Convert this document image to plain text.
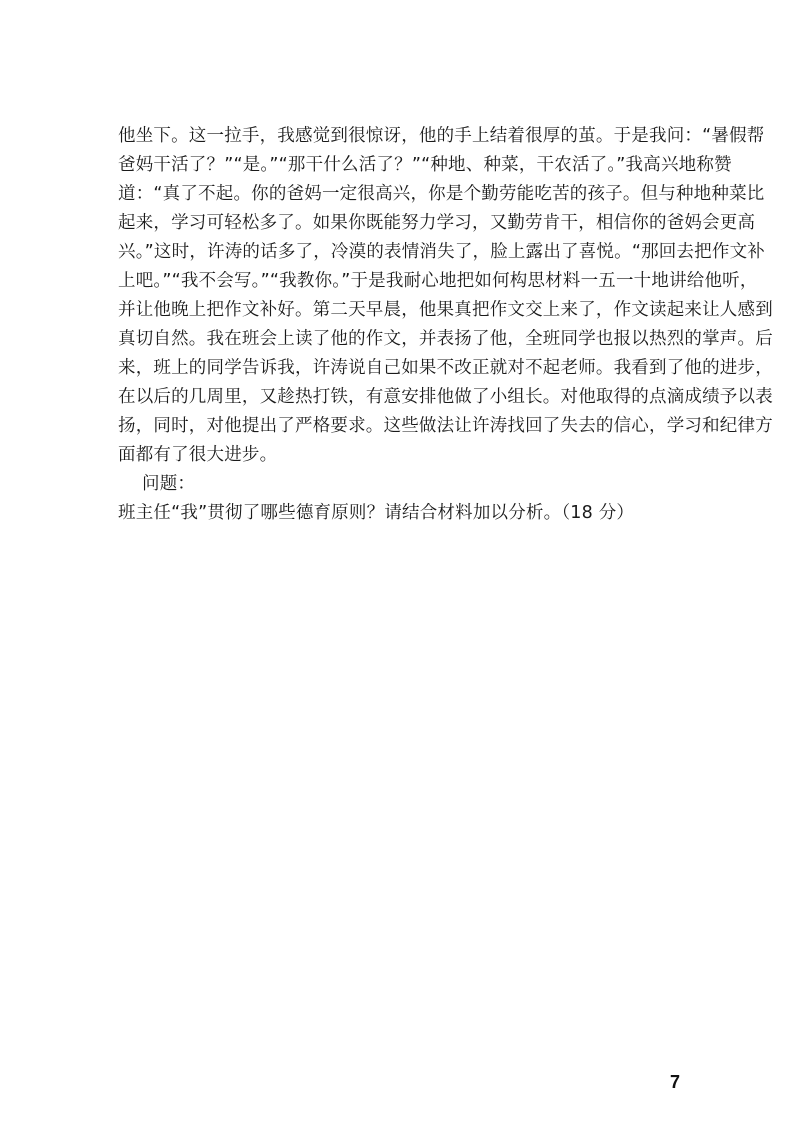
他坐下。这一拉手，我感觉到很惊讶，他的手上结着很厚的茧。于是我问：“暑假帮
爸妈干活了？”“是。”“那干什么活了？”“种地、种菜，干农活了。”我高兴地称赞
道：“真了不起。你的爸妈一定很高兴，你是个勤劳能吃苦的孩子。但与种地种菜比
起来，学习可轻松多了。如果你既能努力学习，又勤劳肯干，相信你的爸妈会更高
兴。”这时，许涛的话多了，冷漠的表情消失了，脸上露出了喜悦。“那回去把作文补
上吧。”“我不会写。”“我教你。”于是我耐心地把如何构思材料一五一十地讲给他听，
并让他晚上把作文补好。第二天早晨，他果真把作文交上来了，作文读起来让人感到
真切自然。我在班会上读了他的作文，并表扬了他，全班同学也报以热烈的掌声。后
来，班上的同学告诉我，许涛说自己如果不改正就对不起老师。我看到了他的进步，
在以后的几周里，又趁热打铁，有意安排他做了小组长。对他取得的点滴成绩予以表
扬，同时，对他提出了严格要求。这些做法让许涛找回了失去的信心，学习和纪律方
面都有了很大进步。
问题：
班主任“我”贯彻了哪些德育原则？请结合材料加以分析。（18 分）
7
